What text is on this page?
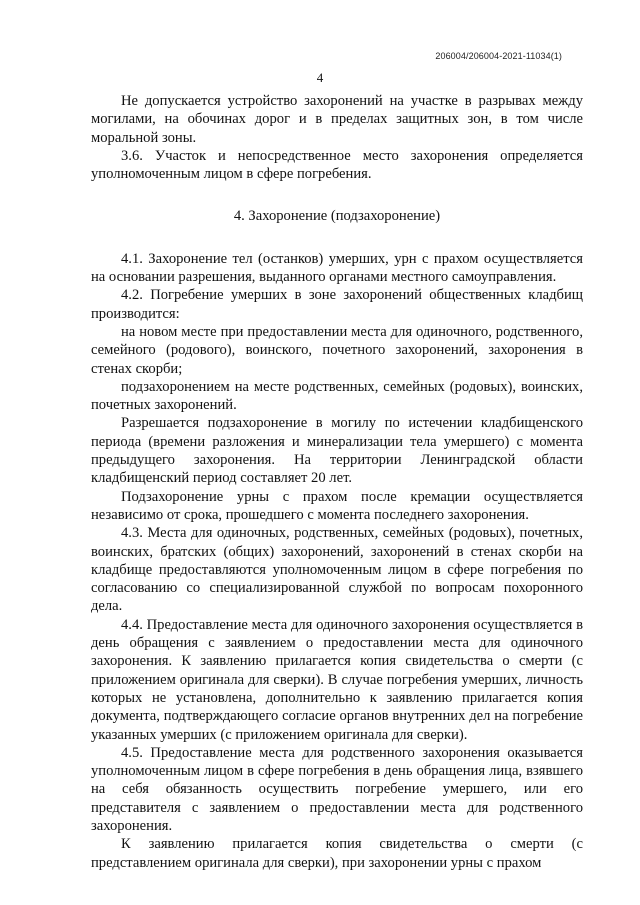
206004/206004-2021-11034(1)
4

Не допускается устройство захоронений на участке в разрывах между могилами, на обочинах дорог и в пределах защитных зон, в том числе моральной зоны.

3.6. Участок и непосредственное место захоронения определяется уполномоченным лицом в сфере погребения.

4. Захоронение (подзахоронение)

4.1. Захоронение тел (останков) умерших, урн с прахом осуществляется на основании разрешения, выданного органами местного самоуправления.

4.2. Погребение умерших в зоне захоронений общественных кладбищ производится:

на новом месте при предоставлении места для одиночного, родственного, семейного (родового), воинского, почетного захоронений, захоронения в стенах скорби;

подзахоронением на месте родственных, семейных (родовых), воинских, почетных захоронений.

Разрешается подзахоронение в могилу по истечении кладбищенского периода (времени разложения и минерализации тела умершего) с момента предыдущего захоронения. На территории Ленинградской области кладбищенский период составляет 20 лет.

Подзахоронение урны с прахом после кремации осуществляется независимо от срока, прошедшего с момента последнего захоронения.

4.3. Места для одиночных, родственных, семейных (родовых), почетных, воинских, братских (общих) захоронений, захоронений в стенах скорби на кладбище предоставляются уполномоченным лицом в сфере погребения по согласованию со специализированной службой по вопросам похоронного дела.

4.4. Предоставление места для одиночного захоронения осуществляется в день обращения с заявлением о предоставлении места для одиночного захоронения. К заявлению прилагается копия свидетельства о смерти (с приложением оригинала для сверки). В случае погребения умерших, личность которых не установлена, дополнительно к заявлению прилагается копия документа, подтверждающего согласие органов внутренних дел на погребение указанных умерших (с приложением оригинала для сверки).

4.5. Предоставление места для родственного захоронения оказывается уполномоченным лицом в сфере погребения в день обращения лица, взявшего на себя обязанность осуществить погребение умершего, или его представителя с заявлением о предоставлении места для родственного захоронения.

К заявлению прилагается копия свидетельства о смерти (с представлением оригинала для сверки), при захоронении урны с прахом
